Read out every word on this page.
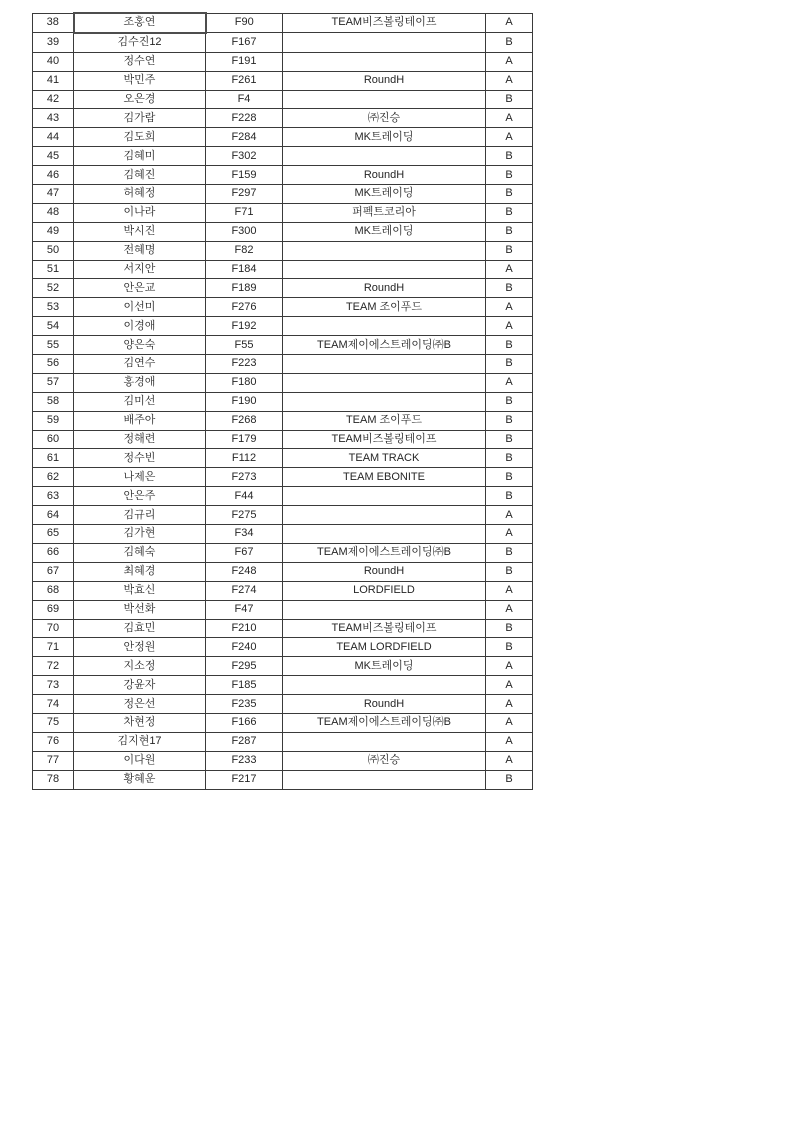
38	조홍연	F90	TEAM비즈볼링테이프	A
39	김수진12	F167		B
40	정수연	F191		A
41	박민주	F261	RoundH	A
42	오은경	F4		B
43	김가람	F228	㈜진승	A
44	김도희	F284	MK트레이딩	A
45	김혜미	F302		B
46	김혜진	F159	RoundH	B
47	허혜정	F297	MK트레이딩	B
48	이나라	F71	퍼펙트코리아	B
49	박시진	F300	MK트레이딩	B
50	전혜명	F82		B
51	서지안	F184		A
52	안은교	F189	RoundH	B
53	이선미	F276	TEAM 조이푸드	A
54	이경애	F192		A
55	양은숙	F55	TEAM제이에스트레이딩㈜B	B
56	김연수	F223		B
57	홍경애	F180		A
58	김미선	F190		B
59	배주아	F268	TEAM 조이푸드	B
60	정해련	F179	TEAM비즈볼링테이프	B
61	정수빈	F112	TEAM TRACK	B
62	나제은	F273	TEAM EBONITE	B
63	안은주	F44		B
64	김규리	F275		A
65	김가현	F34		A
66	김혜숙	F67	TEAM제이에스트레이딩㈜B	B
67	최혜경	F248	RoundH	B
68	박효신	F274	LORDFIELD	A
69	박선화	F47		A
70	김효민	F210	TEAM비즈볼링테이프	B
71	안정원	F240	TEAM LORDFIELD	B
72	지소정	F295	MK트레이딩	A
73	강윤자	F185		A
74	정은선	F235	RoundH	A
75	차현정	F166	TEAM제이에스트레이딩㈜B	A
76	김지현17	F287		A
77	이다원	F233	㈜진승	A
78	황혜운	F217		B
